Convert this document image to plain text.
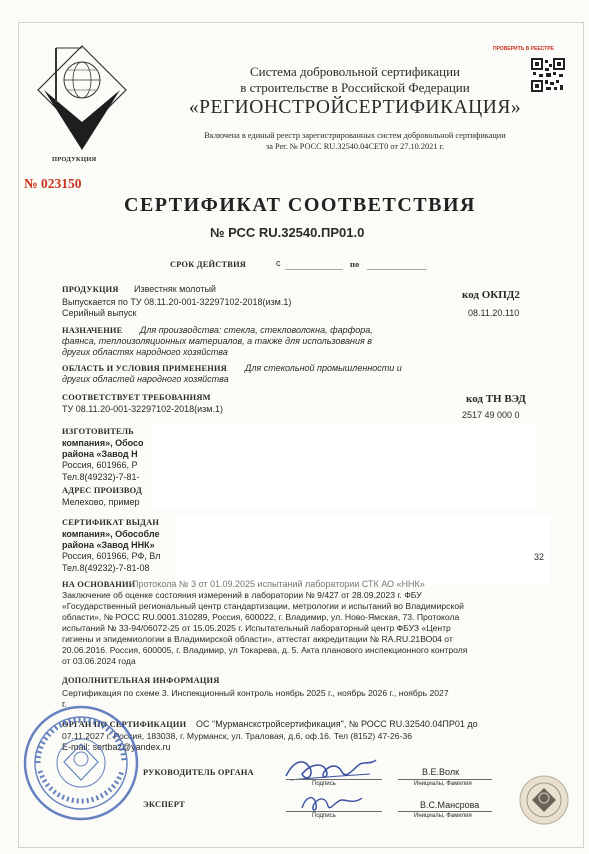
ПРОДУКЦИЯ
№ 023150
ПРОВЕРИТЬ В РЕЕСТРЕ
Система добровольной сертификации
в строительстве в Российской Федерации
«РЕГИОНСТРОЙСЕРТИФИКАЦИЯ»
Включена в единый реестр зарегистрированных систем добровольной сертификации
за Рег. № РОСС RU.32540.04СЕТ0 от 27.10.2021 г.
СЕРТИФИКАТ СООТВЕТСТВИЯ
№ РСС RU.32540.ПР01.0
СРОК ДЕЙСТВИЯ	с	по
ПРОДУКЦИЯ Известняк молотый
Выпускается по ТУ 08.11.20-001-32297102-2018(изм.1)
Серийный выпуск
код ОКПД2
08.11.20.110
НАЗНАЧЕНИЕ Для производства: стекла, стекловолокна, фарфора,
фаянса, теплоизоляционных материалов, а также для использования в
других областях народного хозяйства
ОБЛАСТЬ И УСЛОВИЯ ПРИМЕНЕНИЯ Для стекольной промышленности и
других областей народного хозяйства
СООТВЕТСТВУЕТ ТРЕБОВАНИЯМ
ТУ 08.11.20-001-32297102-2018(изм.1)
код ТН ВЭД
2517 49 000 0
ИЗГОТОВИТЕЛЬ
компания», Обосо
района «Завод Н
Россия, 601966, Р
Тел.8(49232)-7-81-
АДРЕС ПРОИЗВОД
Мелехово, пример
СЕРТИФИКАТ ВЫДАН
компания», Обособле
района «Завод ННК»
Россия, 601966, РФ, Вл
Тел.8(49232)-7-81-08
32
НА ОСНОВАНИИ
Протокола № 3 от 01.09.2025 испытаний лаборатории СТК АО «ННК»
Заключение об оценке состояния измерений в лаборатории № 9/427 от 28.09.2023 г. ФБУ
«Государственный региональный центр стандартизации, метрологии и испытаний во Владимирской
области», № РОСС RU.0001.310289, Россия, 600022, г. Владимир, ул. Ново-Ямская, 73. Протокола
испытаний № 33-94/06072-25 от 15.05.2025 г. Испытательный лабораторный центр ФБУЗ «Центр
гигиены и эпидемиологии в Владимирской области», аттестат аккредитации № RA.RU.21ВО04 от
20.06.2016. Россия, 600005, г. Владимир, ул Токарева, д. 5. Акта планового инспекционного контроля
от 03.06.2024 года
ДОПОЛНИТЕЛЬНАЯ ИНФОРМАЦИЯ
Сертификация по схеме 3. Инспекционный контроль ноябрь 2025 г., ноябрь 2026 г., ноябрь 2027
г.
ОРГАН ПО СЕРТИФИКАЦИИ ОС "Мурманскстройсертификация", № РОСС RU.32540.04ПР01 до
07.11.2027 г. Россия, 183038, г. Мурманск, ул. Траловая, д.6, оф.16. Тел (8152) 47-26-36
E-mail: sertbaz@yandex.ru
РУКОВОДИТЕЛЬ ОРГАНА
Подпись
В.Е.Волк
Инициалы, Фамилия
ЭКСПЕРТ
Подпись
В.С.Мансрова
Инициалы, Фамилия
